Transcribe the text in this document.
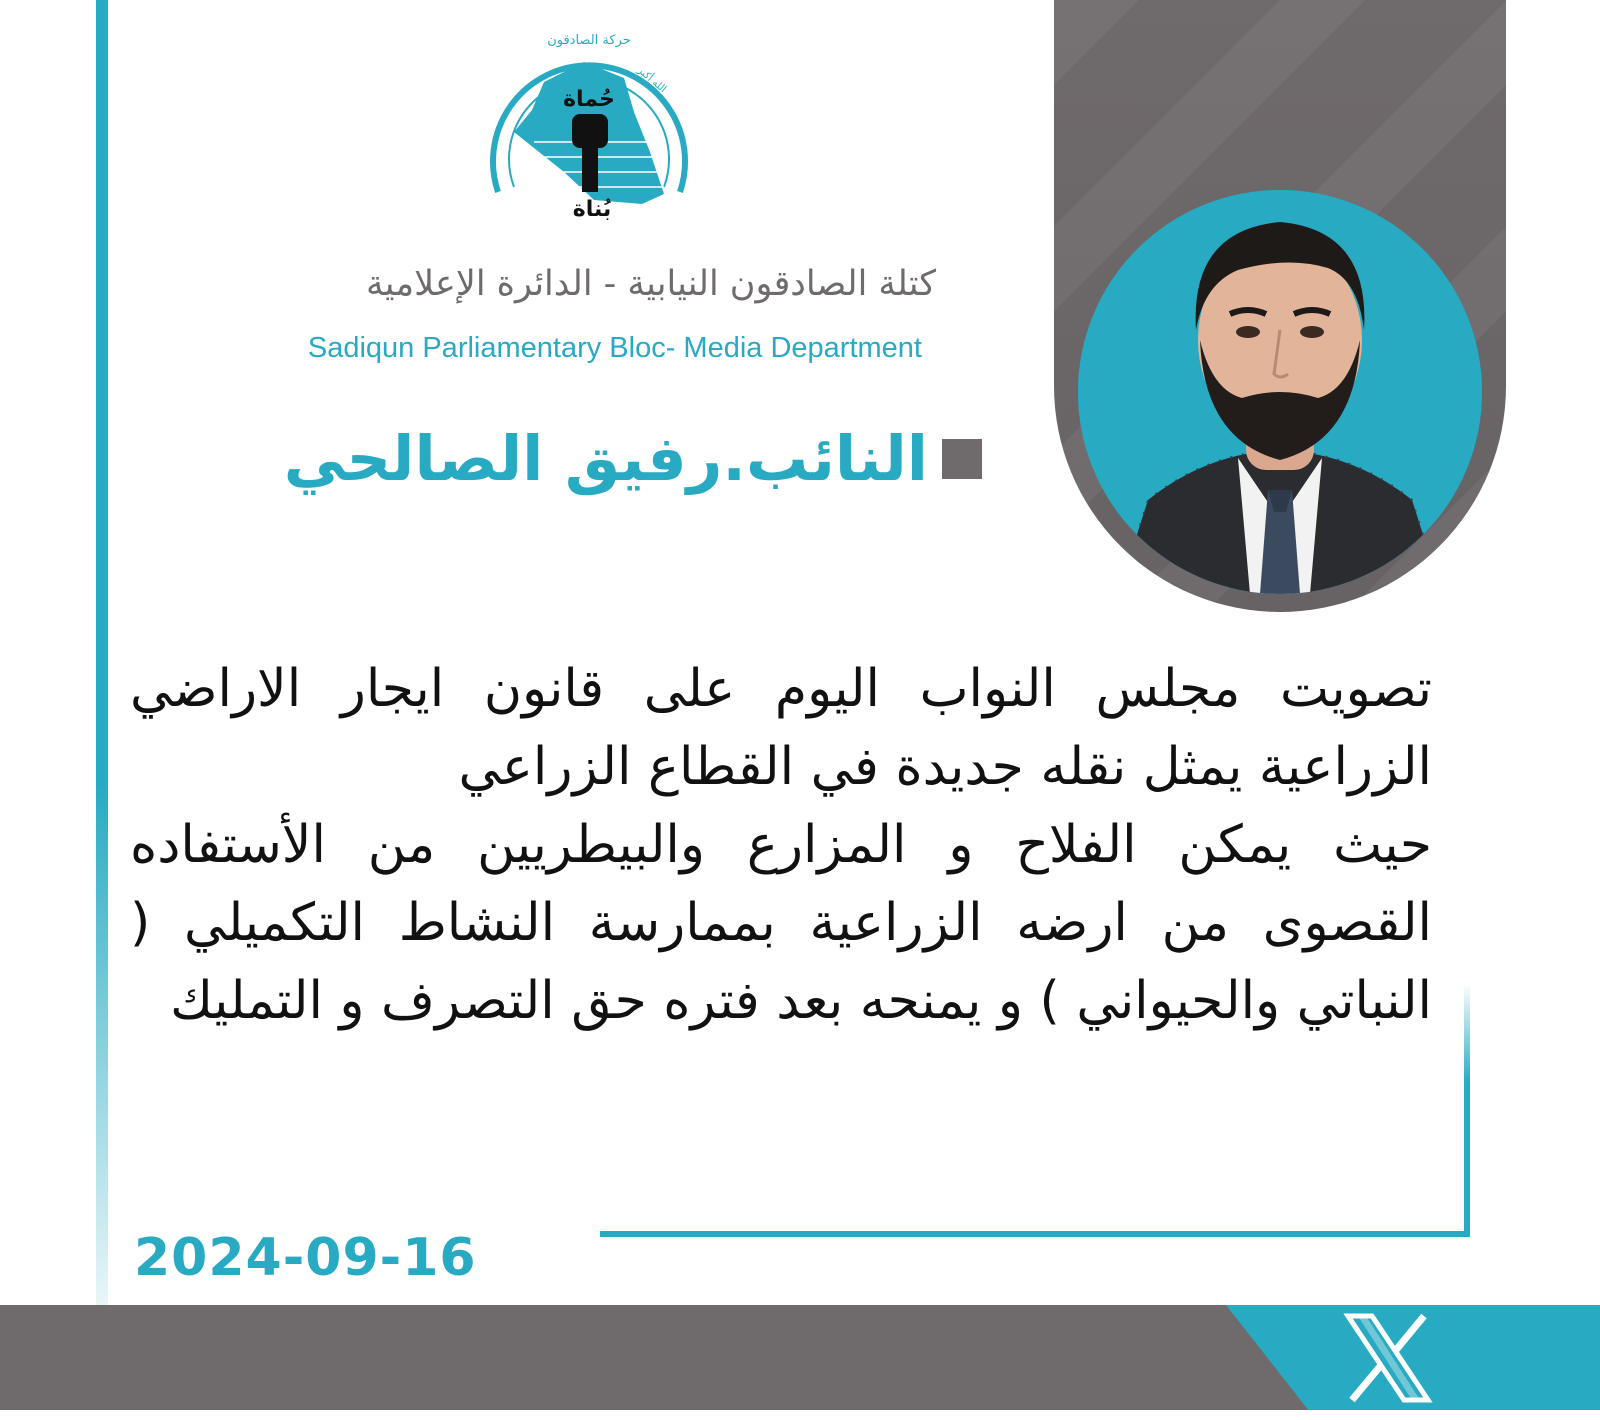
حُماة
بُناة
حركة الصادقون
الله أكبر
كتلة الصادقون النيابية - الدائرة الإعلامية
Sadiqun Parliamentary Bloc- Media Department
النائب.رفيق الصالحي

تصويت مجلس النواب اليوم على قانون ايجار الاراضي الزراعية يمثل نقله جديدة في القطاع الزراعي

حيث يمكن الفلاح و المزارع والبيطريين من الأستفاده القصوى من ارضه الزراعية بممارسة النشاط التكميلي ( النباتي والحيواني ) و يمنحه بعد فتره حق التصرف و التمليك

2024-09-16
